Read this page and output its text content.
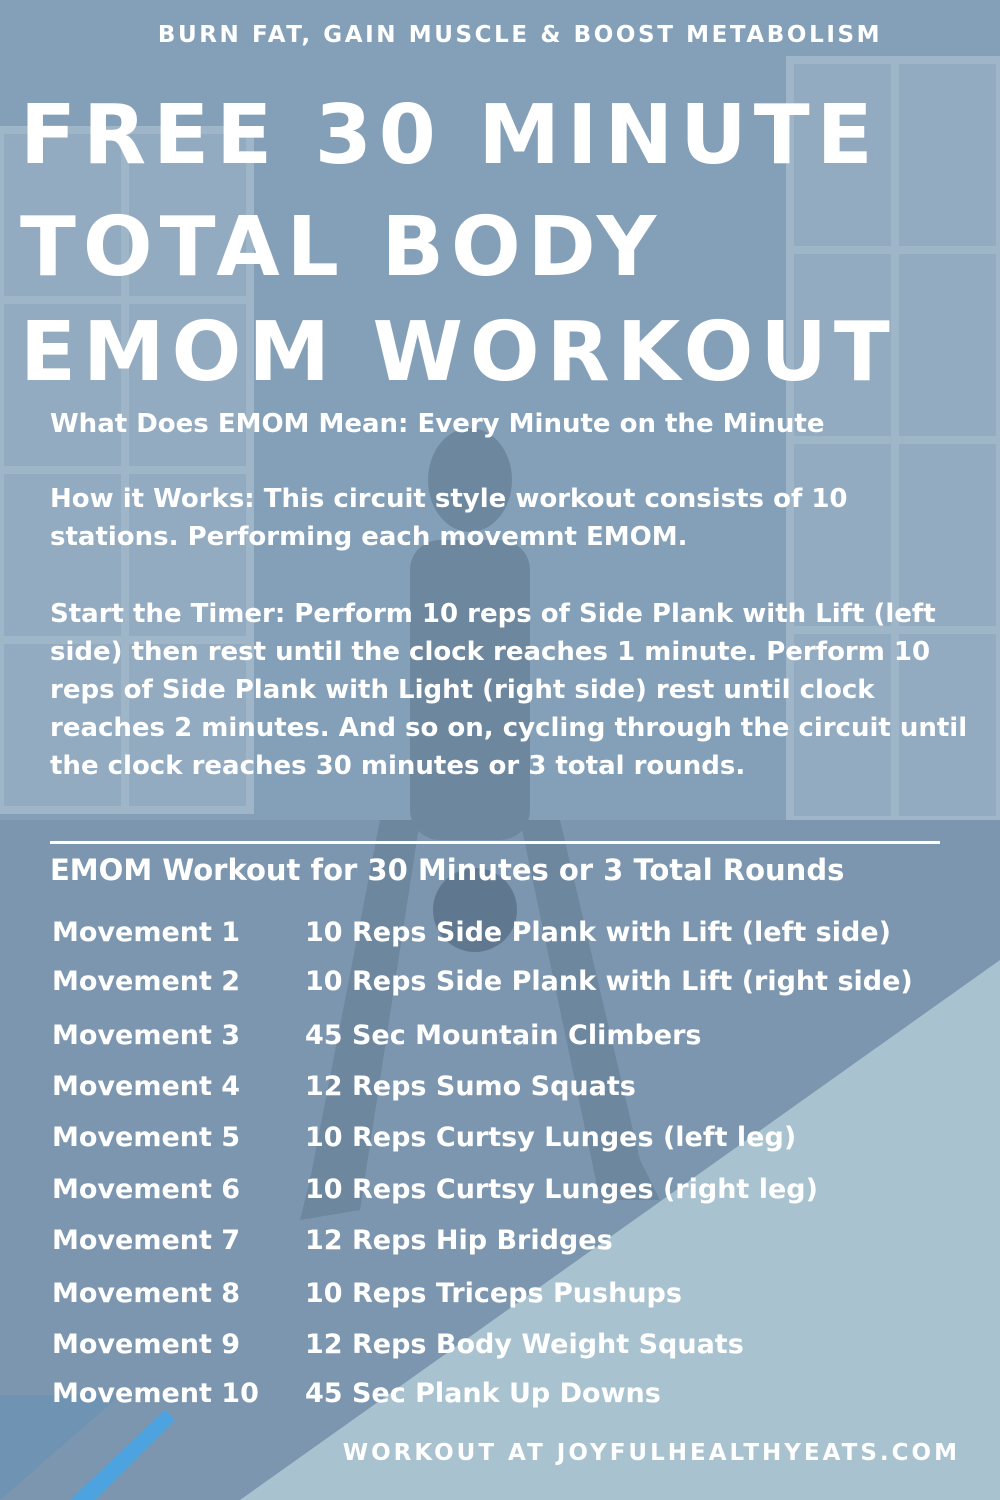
BURN FAT, GAIN MUSCLE & BOOST METABOLISM
FREE 30 MINUTE
TOTAL BODY
EMOM WORKOUT
What Does EMOM Mean: Every Minute on the Minute
How it Works: This circuit style workout consists of 10 stations. Performing each movemnt EMOM.
Start the Timer: Perform 10 reps of Side Plank with Lift (left side) then rest until the clock reaches 1 minute. Perform 10 reps of Side Plank with Light (right side) rest until clock reaches 2 minutes. And so on, cycling through the circuit until the clock reaches 30 minutes or 3 total rounds.
EMOM Workout for 30 Minutes or 3 Total Rounds
Movement 1 10 Reps Side Plank with Lift (left side)
Movement 2 10 Reps Side Plank with Lift (right side)
Movement 3 45 Sec Mountain Climbers
Movement 4 12 Reps Sumo Squats
Movement 5 10 Reps Curtsy Lunges (left leg)
Movement 6 10 Reps Curtsy Lunges (right leg)
Movement 7 12 Reps Hip Bridges
Movement 8 10 Reps Triceps Pushups
Movement 9 12 Reps Body Weight Squats
Movement 10 45 Sec Plank Up Downs
WORKOUT AT JOYFULHEALTHYEATS.COM
